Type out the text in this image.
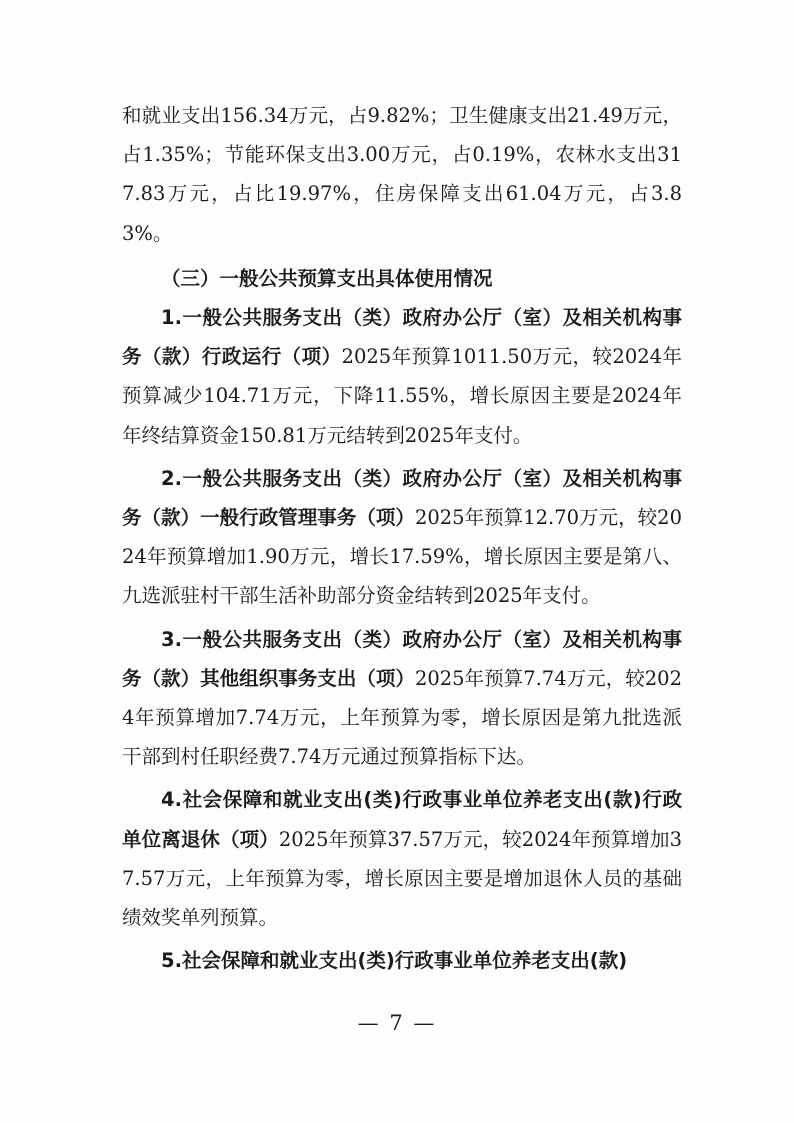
和就业支出156.34万元，占9.82%；卫生健康支出21.49万元，占1.35%；节能环保支出3.00万元，占0.19%，农林水支出317.83万元，占比19.97%，住房保障支出61.04万元，占3.83%。

（三）一般公共预算支出具体使用情况

1.一般公共服务支出（类）政府办公厅（室）及相关机构事务（款）行政运行（项）2025年预算1011.50万元，较2024年预算减少104.71万元，下降11.55%，增长原因主要是2024年年终结算资金150.81万元结转到2025年支付。

2.一般公共服务支出（类）政府办公厅（室）及相关机构事务（款）一般行政管理事务（项）2025年预算12.70万元，较2024年预算增加1.90万元，增长17.59%，增长原因主要是第八、九选派驻村干部生活补助部分资金结转到2025年支付。

3.一般公共服务支出（类）政府办公厅（室）及相关机构事务（款）其他组织事务支出（项）2025年预算7.74万元，较2024年预算增加7.74万元，上年预算为零，增长原因是第九批选派干部到村任职经费7.74万元通过预算指标下达。

4.社会保障和就业支出(类)行政事业单位养老支出(款)行政单位离退休（项）2025年预算37.57万元，较2024年预算增加37.57万元，上年预算为零，增长原因主要是增加退休人员的基础绩效奖单列预算。

5.社会保障和就业支出(类)行政事业单位养老支出(款)

— 7 —
